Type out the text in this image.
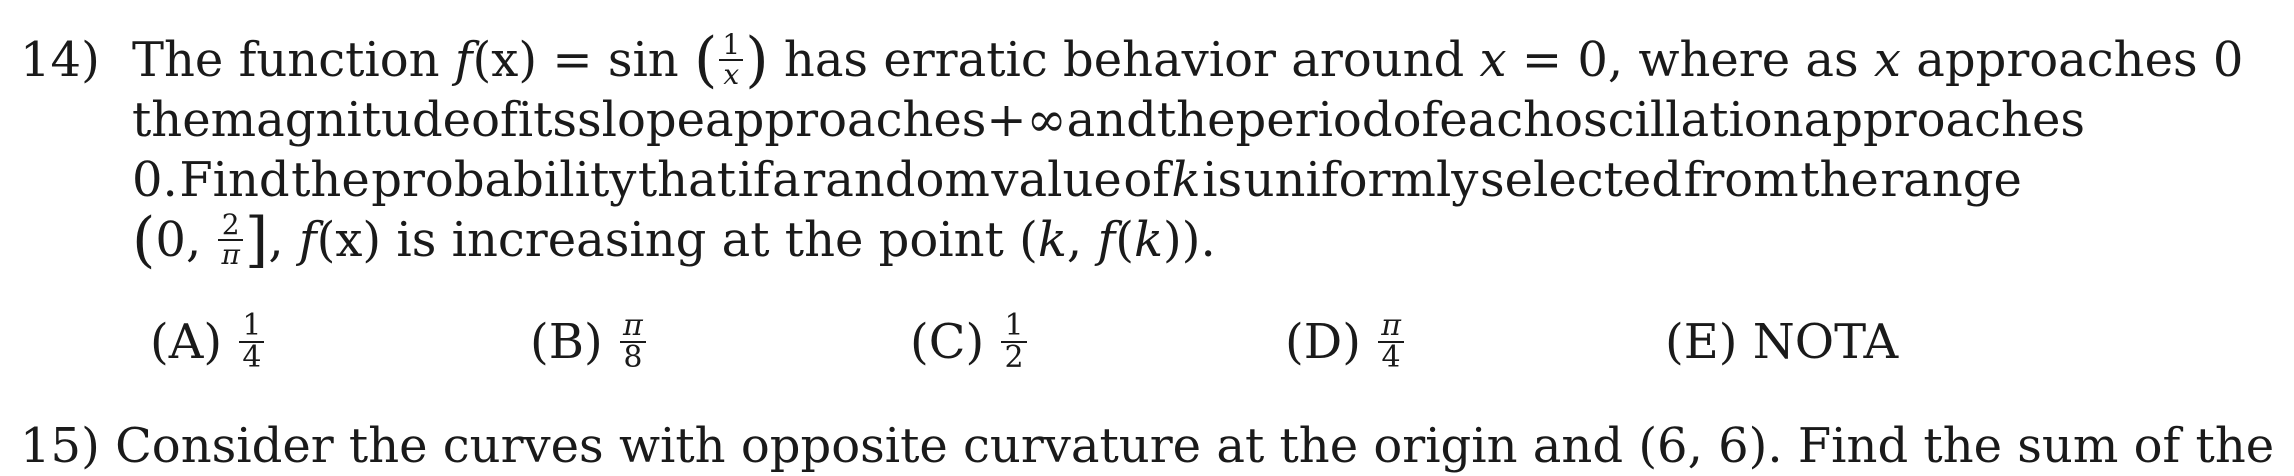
14) The function f(x) = sin ( $\frac{1}{x}$ ) has erratic behavior around x = 0, where as x approaches 0
the magnitude of its slope approaches +∞ and the period of each oscillation approaches
0. Find the probability that if a random value of k is uniformly selected from the range
(0, $\frac{2}{\pi}$ ], f(x) is increasing at the point (k, f(k)).
$(A) \frac{1}{4}$	$(B) \frac{\pi}{8}$	$(C) \frac{1}{2}$	$(D) \frac{\pi}{4}$	(E) NOTA
15) Consider the curves with opposite curvature at the origin and (6, 6). Find the sum of the
